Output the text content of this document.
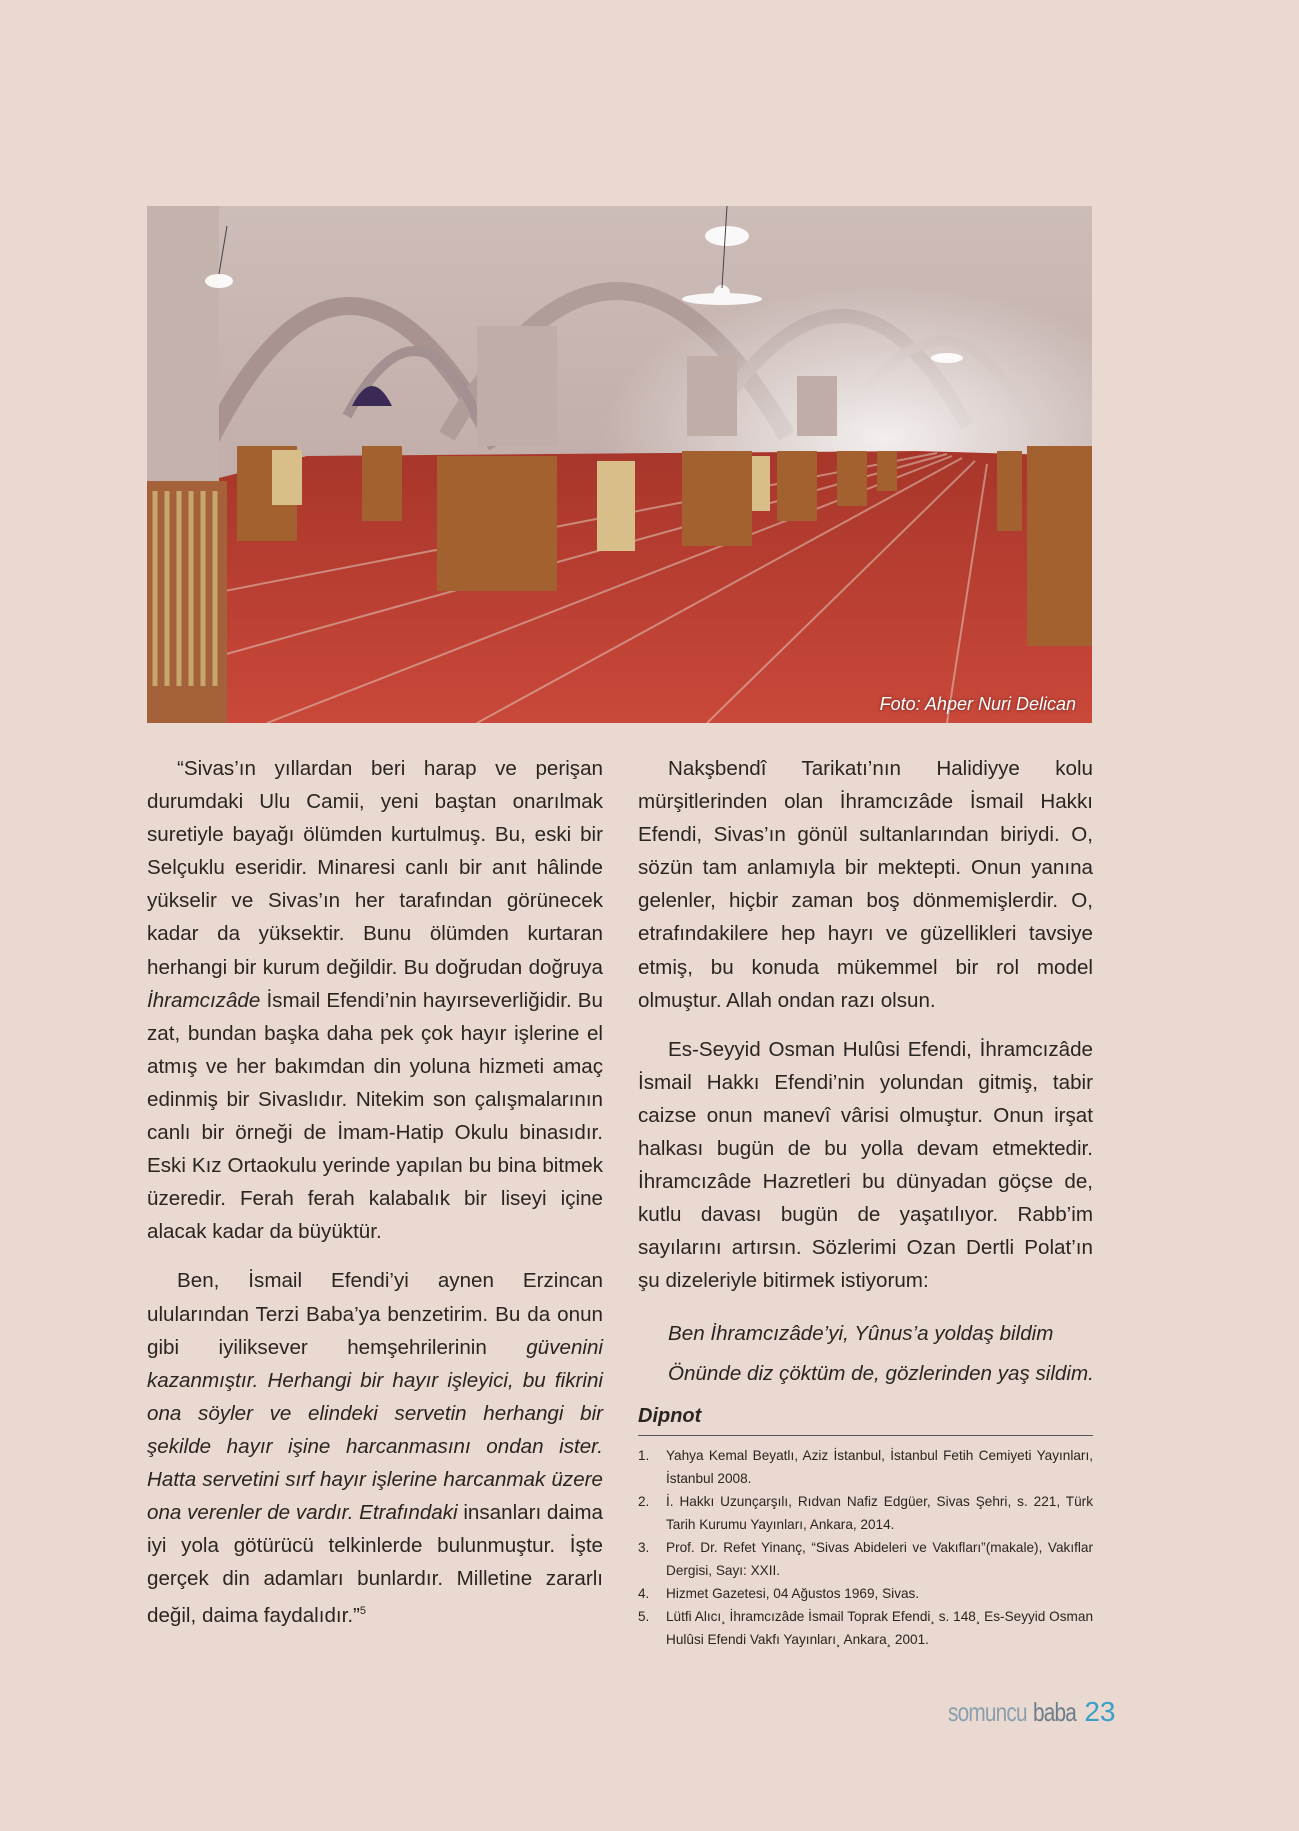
Foto: Ahper Nuri Delican

“Sivas’ın yıllardan beri harap ve perişan durumdaki Ulu Camii, yeni baştan onarılmak suretiyle bayağı ölümden kurtulmuş. Bu, eski bir Selçuklu eseridir. Minaresi canlı bir anıt hâlinde yükselir ve Sivas’ın her tarafından görünecek kadar da yüksektir. Bunu ölümden kurtaran herhangi bir kurum değildir. Bu doğrudan doğruya İhramcızâde İsmail Efendi’nin hayırseverliğidir. Bu zat, bundan başka daha pek çok hayır işlerine el atmış ve her bakımdan din yoluna hizmeti amaç edinmiş bir Sivaslıdır. Nitekim son çalışmalarının canlı bir örneği de İmam-Hatip Okulu binasıdır. Eski Kız Ortaokulu yerinde yapılan bu bina bitmek üzeredir. Ferah ferah kalabalık bir liseyi içine alacak kadar da büyüktür.

Ben, İsmail Efendi’yi aynen Erzincan ulularından Terzi Baba’ya benzetirim. Bu da onun gibi iyiliksever hemşehrilerinin güvenini kazanmıştır. Herhangi bir hayır işleyici, bu fikrini ona söyler ve elindeki servetin herhangi bir şekilde hayır işine harcanmasını ondan ister. Hatta servetini sırf hayır işlerine harcanmak üzere ona verenler de vardır. Etrafındaki insanları daima iyi yola götürücü telkinlerde bulunmuştur. İşte gerçek din adamları bunlardır. Milletine zararlı değil, daima faydalıdır.”$^5$

Nakşbendî Tarikatı’nın Halidiyye kolu mürşitlerinden olan İhramcızâde İsmail Hakkı Efendi, Sivas’ın gönül sultanlarından biriydi. O, sözün tam anlamıyla bir mektepti. Onun yanına gelenler, hiçbir zaman boş dönmemişlerdir. O, etrafındakilere hep hayrı ve güzellikleri tavsiye etmiş, bu konuda mükemmel bir rol model olmuştur. Allah ondan razı olsun.

Es-Seyyid Osman Hulûsi Efendi, İhramcızâde İsmail Hakkı Efendi’nin yolundan gitmiş, tabir caizse onun manevî vârisi olmuştur. Onun irşat halkası bugün de bu yolla devam etmektedir. İhramcızâde Hazretleri bu dünyadan göçse de, kutlu davası bugün de yaşatılıyor. Rabb’im sayılarını artırsın. Sözlerimi Ozan Dertli Polat’ın şu dizeleriyle bitirmek istiyorum:

Ben İhramcızâde’yi, Yûnus’a yoldaş bildim
Önünde diz çöktüm de, gözlerinden yaş sildim.
Dipnot
1.	Yahya Kemal Beyatlı, Aziz İstanbul, İstanbul Fetih Cemiyeti Yayınları, İstanbul 2008.
2.	İ. Hakkı Uzunçarşılı, Rıdvan Nafiz Edgüer, Sivas Şehri, s. 221, Türk Tarih Kurumu Yayınları, Ankara, 2014.
3.	Prof. Dr. Refet Yinanç, “Sivas Abideleri ve Vakıfları”(makale), Vakıflar Dergisi, Sayı: XXII.
4.	Hizmet Gazetesi, 04 Ağustos 1969, Sivas.
5.	Lütfi Alıcı¸ İhramcızâde İsmail Toprak Efendi¸ s. 148¸ Es-Seyyid Osman Hulûsi Efendi Vakfı Yayınları¸ Ankara¸ 2001.
somuncu baba 23
